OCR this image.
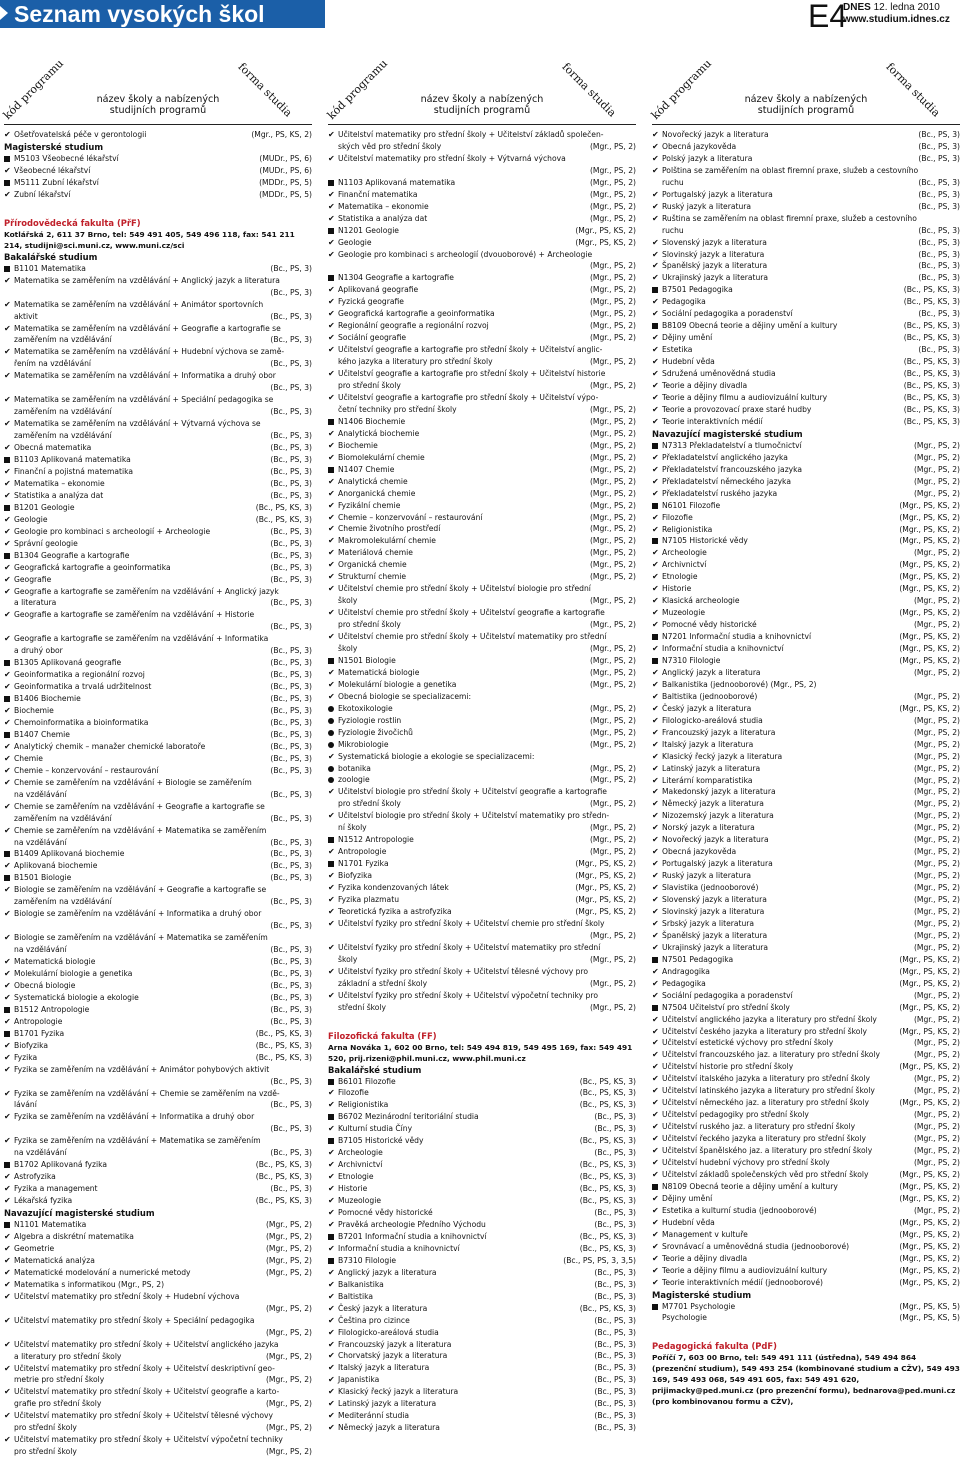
Seznam vysokých škol	E4
DNES 12. ledna 2010
www.studium.idnes.cz
kód programu	název školy a nabízených
studijních programů	forma studia
✔ Ošetřovatelská péče v gerontologii	(Mgr., PS, KS, 2)
Magisterské studium
M5103 Všeobecné lékařství	(MUDr., PS, 6)
✔ Všeobecné lékařství	(MUDr., PS, 6)
M5111 Zubní lékařství	(MDDr., PS, 5)
✔ Zubní lékařství	(MDDr., PS, 5)
Přírodovědecká fakulta (PřF)
Kotlářská 2, 611 37 Brno, tel: 549 491 405, 549 496 118, fax: 541 211 214, studijni@sci.muni.cz, www.muni.cz/sci
Bakalářské studium
B1101 Matematika	(Bc., PS, 3)
✔ Matematika se zaměřením na vzdělávání + Anglický jazyk a literatura
(Bc., PS, 3)
✔ Matematika se zaměřením na vzdělávání + Animátor sportovních
aktivit	(Bc., PS, 3)
✔ Matematika se zaměřením na vzdělávání + Geografie a kartografie se
zaměřením na vzdělávání	(Bc., PS, 3)
✔ Matematika se zaměřením na vzdělávání + Hudební výchova se zamě-
řením na vzdělávání	(Bc., PS, 3)
✔ Matematika se zaměřením na vzdělávání + Informatika a druhý obor
(Bc., PS, 3)
✔ Matematika se zaměřením na vzdělávání + Speciální pedagogika se
zaměřením na vzdělávání	(Bc., PS, 3)
✔ Matematika se zaměřením na vzdělávání + Výtvarná výchova se
zaměřením na vzdělávání	(Bc., PS, 3)
✔ Obecná matematika	(Bc., PS, 3)
B1103 Aplikovaná matematika	(Bc., PS, 3)
✔ Finanční a pojistná matematika	(Bc., PS, 3)
✔ Matematika – ekonomie	(Bc., PS, 3)
✔ Statistika a analýza dat	(Bc., PS, 3)
B1201 Geologie	(Bc., PS, KS, 3)
✔ Geologie	(Bc., PS, KS, 3)
✔ Geologie pro kombinaci s archeologií + Archeologie	(Bc., PS, 3)
✔ Správní geologie	(Bc., PS, 3)
B1304 Geografie a kartografie	(Bc., PS, 3)
✔ Geografická kartografie a geoinformatika	(Bc., PS, 3)
✔ Geografie	(Bc., PS, 3)
✔ Geografie a kartografie se zaměřením na vzdělávání + Anglický jazyk
a literatura	(Bc., PS, 3)
✔ Geografie a kartografie se zaměřením na vzdělávání + Historie
(Bc., PS, 3)
✔ Geografie a kartografie se zaměřením na vzdělávání + Informatika
a druhý obor	(Bc., PS, 3)
B1305 Aplikovaná geografie	(Bc., PS, 3)
✔ Geoinformatika a regionální rozvoj	(Bc., PS, 3)
✔ Geoinformatika a trvalá udržitelnost	(Bc., PS, 3)
B1406 Biochemie	(Bc., PS, 3)
✔ Biochemie	(Bc., PS, 3)
✔ Chemoinformatika a bioinformatika	(Bc., PS, 3)
B1407 Chemie	(Bc., PS, 3)
✔ Analytický chemik – manažer chemické laboratoře	(Bc., PS, 3)
✔ Chemie	(Bc., PS, 3)
✔ Chemie – konzervování – restaurování	(Bc., PS, 3)
✔ Chemie se zaměřením na vzdělávání + Biologie se zaměřením
na vzdělávání	(Bc., PS, 3)
✔ Chemie se zaměřením na vzdělávání + Geografie a kartografie se
zaměřením na vzdělávání	(Bc., PS, 3)
✔ Chemie se zaměřením na vzdělávání + Matematika se zaměřením
na vzdělávání	(Bc., PS, 3)
B1409 Aplikovaná biochemie	(Bc., PS, 3)
✔ Aplikovaná biochemie	(Bc., PS, 3)
B1501 Biologie	(Bc., PS, 3)
✔ Biologie se zaměřením na vzdělávání + Geografie a kartografie se
zaměřením na vzdělávání	(Bc., PS, 3)
✔ Biologie se zaměřením na vzdělávání + Informatika a druhý obor
(Bc., PS, 3)
✔ Biologie se zaměřením na vzdělávání + Matematika se zaměřením
na vzdělávání	(Bc., PS, 3)
✔ Matematická biologie	(Bc., PS, 3)
✔ Molekulární biologie a genetika	(Bc., PS, 3)
✔ Obecná biologie	(Bc., PS, 3)
✔ Systematická biologie a ekologie	(Bc., PS, 3)
B1512 Antropologie	(Bc., PS, 3)
✔ Antropologie	(Bc., PS, 3)
B1701 Fyzika	(Bc., PS, KS, 3)
✔ Biofyzika	(Bc., PS, KS, 3)
✔ Fyzika	(Bc., PS, KS, 3)
✔ Fyzika se zaměřením na vzdělávání + Animátor pohybových aktivit
(Bc., PS, 3)
✔ Fyzika se zaměřením na vzdělávání + Chemie se zaměřením na vzdě-
lávání	(Bc., PS, 3)
✔ Fyzika se zaměřením na vzdělávání + Informatika a druhý obor
(Bc., PS, 3)
✔ Fyzika se zaměřením na vzdělávání + Matematika se zaměřením
na vzdělávání	(Bc., PS, 3)
B1702 Aplikovaná fyzika	(Bc., PS, KS, 3)
✔ Astrofyzika	(Bc., PS, KS, 3)
✔ Fyzika a management	(Bc., PS, 3)
✔ Lékařská fyzika	(Bc., PS, KS, 3)
Navazující magisterské studium
N1101 Matematika	(Mgr., PS, 2)
✔ Algebra a diskrétní matematika	(Mgr., PS, 2)
✔ Geometrie	(Mgr., PS, 2)
✔ Matematická analýza	(Mgr., PS, 2)
✔ Matematické modelování a numerické metody	(Mgr., PS, 2)
✔ Matematika s informatikou (Mgr., PS, 2)
✔ Učitelství matematiky pro střední školy + Hudební výchova
(Mgr., PS, 2)
✔ Učitelství matematiky pro střední školy + Speciální pedagogika
(Mgr., PS, 2)
✔ Učitelství matematiky pro střední školy + Učitelství anglického jazyka
a literatury pro střední školy	(Mgr., PS, 2)
✔ Učitelství matematiky pro střední školy + Učitelství deskriptivní geo-
metrie pro střední školy	(Mgr., PS, 2)
✔ Učitelství matematiky pro střední školy + Učitelství geografie a karto-
grafie pro střední školy	(Mgr., PS, 2)
✔ Učitelství matematiky pro střední školy + Učitelství tělesné výchovy
pro střední školy	(Mgr., PS, 2)
✔ Učitelství matematiky pro střední školy + Učitelství výpočetní techniky
pro střední školy	(Mgr., PS, 2)
kód programu	název školy a nabízených
studijních programů	forma studia
✔ Učitelství matematiky pro střední školy + Učitelství základů společen-
ských věd pro střední školy	(Mgr., PS, 2)
✔ Učitelství matematiky pro střední školy + Výtvarná výchova
(Mgr., PS, 2)
N1103 Aplikovaná matematika	(Mgr., PS, 2)
✔ Finanční matematika	(Mgr., PS, 2)
✔ Matematika – ekonomie	(Mgr., PS, 2)
✔ Statistika a analýza dat	(Mgr., PS, 2)
N1201 Geologie	(Mgr., PS, KS, 2)
✔ Geologie	(Mgr., PS, KS, 2)
✔ Geologie pro kombinaci s archeologií (dvouoborové) + Archeologie
(Mgr., PS, 2)
N1304 Geografie a kartografie	(Mgr., PS, 2)
✔ Aplikovaná geografie	(Mgr., PS, 2)
✔ Fyzická geografie	(Mgr., PS, 2)
✔ Geografická kartografie a geoinformatika	(Mgr., PS, 2)
✔ Regionální geografie a regionální rozvoj	(Mgr., PS, 2)
✔ Sociální geografie	(Mgr., PS, 2)
✔ Učitelství geografie a kartografie pro střední školy + Učitelství anglic-
kého jazyka a literatury pro střední školy	(Mgr., PS, 2)
✔ Učitelství geografie a kartografie pro střední školy + Učitelství historie
pro střední školy	(Mgr., PS, 2)
✔ Učitelství geografie a kartografie pro střední školy + Učitelství výpo-
četní techniky pro střední školy	(Mgr., PS, 2)
N1406 Biochemie	(Mgr., PS, 2)
✔ Analytická biochemie	(Mgr., PS, 2)
✔ Biochemie	(Mgr., PS, 2)
✔ Biomolekulární chemie	(Mgr., PS, 2)
N1407 Chemie	(Mgr., PS, 2)
✔ Analytická chemie	(Mgr., PS, 2)
✔ Anorganická chemie	(Mgr., PS, 2)
✔ Fyzikální chemie	(Mgr., PS, 2)
✔ Chemie – konzervování – restaurování	(Mgr., PS, 2)
✔ Chemie životního prostředí	(Mgr., PS, 2)
✔ Makromolekulární chemie	(Mgr., PS, 2)
✔ Materiálová chemie	(Mgr., PS, 2)
✔ Organická chemie	(Mgr., PS, 2)
✔ Strukturní chemie	(Mgr., PS, 2)
✔ Učitelství chemie pro střední školy + Učitelství biologie pro střední
školy	(Mgr., PS, 2)
✔ Učitelství chemie pro střední školy + Učitelství geografie a kartografie
pro střední školy	(Mgr., PS, 2)
✔ Učitelství chemie pro střední školy + Učitelství matematiky pro střední
školy	(Mgr., PS, 2)
N1501 Biologie	(Mgr., PS, 2)
✔ Matematická biologie	(Mgr., PS, 2)
✔ Molekulární biologie a genetika	(Mgr., PS, 2)
✔ Obecná biologie se specializacemi:
Ekotoxikologie	(Mgr., PS, 2)
Fyziologie rostlin	(Mgr., PS, 2)
Fyziologie živočichů	(Mgr., PS, 2)
Mikrobiologie	(Mgr., PS, 2)
✔ Systematická biologie a ekologie se specializacemi:
botanika	(Mgr., PS, 2)
zoologie	(Mgr., PS, 2)
✔ Učitelství biologie pro střední školy + Učitelství geografie a kartografie
pro střední školy	(Mgr., PS, 2)
✔ Učitelství biologie pro střední školy + Učitelství matematiky pro středn-
ní školy	(Mgr., PS, 2)
N1512 Antropologie	(Mgr., PS, 2)
✔ Antropologie	(Mgr., PS, 2)
N1701 Fyzika	(Mgr., PS, KS, 2)
✔ Biofyzika	(Mgr., PS, KS, 2)
✔ Fyzika kondenzovaných látek	(Mgr., PS, KS, 2)
✔ Fyzika plazmatu	(Mgr., PS, KS, 2)
✔ Teoretická fyzika a astrofyzika	(Mgr., PS, KS, 2)
✔ Učitelství fyziky pro střední školy + Učitelství chemie pro střední školy
(Mgr., PS, 2)
✔ Učitelství fyziky pro střední školy + Učitelství matematiky pro střední
školy	(Mgr., PS, 2)
✔ Učitelství fyziky pro střední školy + Učitelství tělesné výchovy pro
základní a střední školy	(Mgr., PS, 2)
✔ Učitelství fyziky pro střední školy + Učitelství výpočetní techniky pro
střední školy	(Mgr., PS, 2)
Filozofická fakulta (FF)
Arna Nováka 1, 602 00 Brno, tel: 549 494 819, 549 495 169, fax: 549 491 520, prij.rizeni@phil.muni.cz, www.phil.muni.cz
Bakalářské studium
B6101 Filozofie	(Bc., PS, KS, 3)
✔ Filozofie	(Bc., PS, KS, 3)
✔ Religionistika	(Bc., PS, KS, 3)
B6702 Mezinárodní teritoriální studia	(Bc., PS, 3)
✔ Kulturní studia Číny	(Bc., PS, 3)
B7105 Historické vědy	(Bc., PS, KS, 3)
✔ Archeologie	(Bc., PS, 3)
✔ Archivnictví	(Bc., PS, KS, 3)
✔ Etnologie	(Bc., PS, KS, 3)
✔ Historie	(Bc., PS, KS, 3)
✔ Muzeologie	(Bc., PS, KS, 3)
✔ Pomocné vědy historické	(Bc., PS, 3)
✔ Pravěká archeologie Předního Východu	(Bc., PS, 3)
B7201 Informační studia a knihovnictví	(Bc., PS, KS, 3)
✔ Informační studia a knihovnictví	(Bc., PS, KS, 3)
B7310 Filologie	(Bc., PS, PS, 3, 3,5)
✔ Anglický jazyk a literatura	(Bc., PS, 3)
✔ Balkanistika	(Bc., PS, 3)
✔ Baltistika	(Bc., PS, 3)
✔ Český jazyk a literatura	(Bc., PS, KS, 3)
✔ Čeština pro cizince	(Bc., PS, 3)
✔ Filologicko-areálová studia	(Bc., PS, 3)
✔ Francouzský jazyk a literatura	(Bc., PS, 3)
✔ Chorvatský jazyk a literatura	(Bc., PS, 3)
✔ Italský jazyk a literatura	(Bc., PS, 3)
✔ Japanistika	(Bc., PS, 3)
✔ Klasický řecký jazyk a literatura	(Bc., PS, 3)
✔ Latinský jazyk a literatura	(Bc., PS, 3)
✔ Mediteránní studia	(Bc., PS, 3)
✔ Německý jazyk a literatura	(Bc., PS, 3)
kód programu	název školy a nabízených
studijních programů	forma studia
✔ Novořecký jazyk a literatura	(Bc., PS, 3)
✔ Obecná jazykověda	(Bc., PS, 3)
✔ Polský jazyk a literatura	(Bc., PS, 3)
✔ Polština se zaměřením na oblast firemní praxe, služeb a cestovního
ruchu	(Bc., PS, 3)
✔ Portugalský jazyk a literatura	(Bc., PS, 3)
✔ Ruský jazyk a literatura	(Bc., PS, 3)
✔ Ruština se zaměřením na oblast firemní praxe, služeb a cestovního
ruchu	(Bc., PS, 3)
✔ Slovenský jazyk a literatura	(Bc., PS, 3)
✔ Slovinský jazyk a literatura	(Bc., PS, 3)
✔ Španělský jazyk a literatura	(Bc., PS, 3)
✔ Ukrajinský jazyk a literatura	(Bc., PS, 3)
B7501 Pedagogika	(Bc., PS, KS, 3)
✔ Pedagogika	(Bc., PS, KS, 3)
✔ Sociální pedagogika a poradenství	(Bc., PS, 3)
B8109 Obecná teorie a dějiny umění a kultury	(Bc., PS, KS, 3)
✔ Dějiny umění	(Bc., PS, KS, 3)
✔ Estetika	(Bc., PS, 3)
✔ Hudební věda	(Bc., PS, KS, 3)
✔ Sdružená uměnovědná studia	(Bc., PS, KS, 3)
✔ Teorie a dějiny divadla	(Bc., PS, KS, 3)
✔ Teorie a dějiny filmu a audiovizuální kultury	(Bc., PS, KS, 3)
✔ Teorie a provozovací praxe staré hudby	(Bc., PS, KS, 3)
✔ Teorie interaktivních médií	(Bc., PS, KS, 3)
Navazující magisterské studium
N7313 Překladatelství a tlumočnictví	(Mgr., PS, 2)
✔ Překladatelství anglického jazyka	(Mgr., PS, 2)
✔ Překladatelství francouzského jazyka	(Mgr., PS, 2)
✔ Překladatelství německého jazyka	(Mgr., PS, 2)
✔ Překladatelství ruského jazyka	(Mgr., PS, 2)
N6101 Filozofie	(Mgr., PS, KS, 2)
✔ Filozofie	(Mgr., PS, KS, 2)
✔ Religionistika	(Mgr., PS, KS, 2)
N7105 Historické vědy	(Mgr., PS, KS, 2)
✔ Archeologie	(Mgr., PS, 2)
✔ Archivnictví	(Mgr., PS, KS, 2)
✔ Etnologie	(Mgr., PS, KS, 2)
✔ Historie	(Mgr., PS, KS, 2)
✔ Klasická archeologie	(Mgr., PS, 2)
✔ Muzeologie	(Mgr., PS, KS, 2)
✔ Pomocné vědy historické	(Mgr., PS, 2)
N7201 Informační studia a knihovnictví	(Mgr., PS, KS, 2)
✔ Informační studia a knihovnictví	(Mgr., PS, KS, 2)
N7310 Filologie	(Mgr., PS, KS, 2)
✔ Anglický jazyk a literatura	(Mgr., PS, 2)
✔ Balkanistika (jednooborové) (Mgr., PS, 2)
✔ Baltistika (jednooborové)	(Mgr., PS, 2)
✔ Český jazyk a literatura	(Mgr., PS, KS, 2)
✔ Filologicko-areálová studia	(Mgr., PS, 2)
✔ Francouzský jazyk a literatura	(Mgr., PS, 2)
✔ Italský jazyk a literatura	(Mgr., PS, 2)
✔ Klasický řecký jazyk a literatura	(Mgr., PS, 2)
✔ Latinský jazyk a literatura	(Mgr., PS, 2)
✔ Literární komparatistika	(Mgr., PS, 2)
✔ Makedonský jazyk a literatura	(Mgr., PS, 2)
✔ Německý jazyk a literatura	(Mgr., PS, 2)
✔ Nizozemský jazyk a literatura	(Mgr., PS, 2)
✔ Norský jazyk a literatura	(Mgr., PS, 2)
✔ Novořecký jazyk a literatura	(Mgr., PS, 2)
✔ Obecná jazykověda	(Mgr., PS, 2)
✔ Portugalský jazyk a literatura	(Mgr., PS, 2)
✔ Ruský jazyk a literatura	(Mgr., PS, 2)
✔ Slavistika (jednooborové)	(Mgr., PS, 2)
✔ Slovenský jazyk a literatura	(Mgr., PS, 2)
✔ Slovinský jazyk a literatura	(Mgr., PS, 2)
✔ Srbský jazyk a literatura	(Mgr., PS, 2)
✔ Španělský jazyk a literatura	(Mgr., PS, 2)
✔ Ukrajinský jazyk a literatura	(Mgr., PS, 2)
N7501 Pedagogika	(Mgr., PS, KS, 2)
✔ Andragogika	(Mgr., PS, KS, 2)
✔ Pedagogika	(Mgr., PS, KS, 2)
✔ Sociální pedagogika a poradenství	(Mgr., PS, 2)
N7504 Učitelství pro střední školy	(Mgr., PS, KS, 2)
✔ Učitelství anglického jazyka a literatury pro střední školy	(Mgr., PS, 2)
✔ Učitelství českého jazyka a literatury pro střední školy	(Mgr., PS, KS, 2)
✔ Učitelství estetické výchovy pro střední školy	(Mgr., PS, 2)
✔ Učitelství francouzského jaz. a literatury pro střední školy	(Mgr., PS, 2)
✔ Učitelství historie pro střední školy	(Mgr., PS, KS, 2)
✔ Učitelství italského jazyka a literatury pro střední školy	(Mgr., PS, 2)
✔ Učitelství latinského jazyka a literatury pro střední školy	(Mgr., PS, 2)
✔ Učitelství německého jaz. a literatury pro střední školy	(Mgr., PS, KS, 2)
✔ Učitelství pedagogiky pro střední školy	(Mgr., PS, 2)
✔ Učitelství ruského jaz. a literatury pro střední školy	(Mgr., PS, 2)
✔ Učitelství řeckého jazyka a literatury pro střední školy	(Mgr., PS, 2)
✔ Učitelství španělského jaz. a literatury pro střední školy	(Mgr., PS, 2)
✔ Učitelství hudební výchovy pro střední školy	(Mgr., PS, 2)
✔ Učitelství základů společenských věd pro střední školy	(Mgr., PS, KS, 2)
N8109 Obecná teorie a dějiny umění a kultury	(Mgr., PS, KS, 2)
✔ Dějiny umění	(Mgr., PS, KS, 2)
✔ Estetika a kulturní studia (jednooborové)	(Mgr., PS, 2)
✔ Hudební věda	(Mgr., PS, KS, 2)
✔ Management v kultuře	(Mgr., PS, KS, 2)
✔ Srovnávací a uměnovědná studia (jednooborové)	(Mgr., PS, KS, 2)
✔ Teorie a dějiny divadla	(Mgr., PS, KS, 2)
✔ Teorie a dějiny filmu a audiovizuální kultury	(Mgr., PS, KS, 2)
✔ Teorie interaktivních médií (jednooborové)	(Mgr., PS, KS, 2)
Magisterské studium
M7701 Psychologie	(Mgr., PS, KS, 5)
Psychologie	(Mgr., PS, KS, 5)
Pedagogická fakulta (PdF)
Poříčí 7, 603 00 Brno, tel: 549 491 111 (ústředna), 549 494 864 (prezenční studium), 549 493 254 (kombinované studium a CŽV), 549 493 169, 549 493 068, 549 491 605, fax: 549 491 620, prijimacky@ped.muni.cz (pro prezenční formu), bednarova@ped.muni.cz (pro kombinovanou formu a CŽV),
